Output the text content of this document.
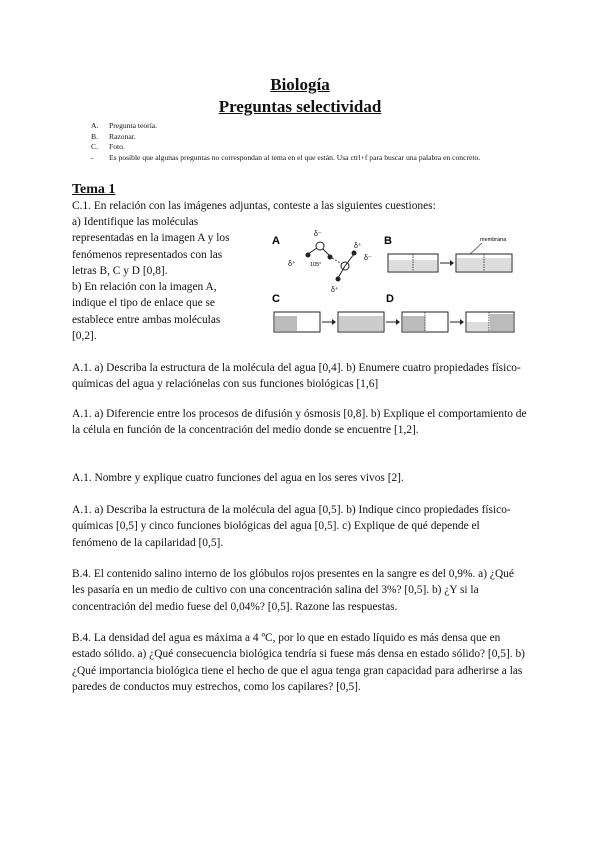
Biología
Preguntas selectividad
A.	Pregunta teoría.
B.	Razonar.
C.	Foto.
-	Es posible que algunas preguntas no correspondan al tema en el que están. Usa ctrl+f para buscar una palabra en concreto.
Tema 1
C.1. En relación con las imágenes adjuntas, conteste a las siguientes cuestiones:
a) Identifique las moléculas representadas en la imagen A y los fenómenos representados con las letras B, C y D [0,8].
b) En relación con la imagen A, indique el tipo de enlace que se establece entre ambas moléculas [0,2].
A
δ⁻
δ⁺	105°
δ⁺
δ⁺
δ⁻
B	membrana
C	D
A.1. a) Describa la estructura de la molécula del agua [0,4]. b) Enumere cuatro propiedades físico-químicas del agua y relaciónelas con sus funciones biológicas [1,6]
A.1. a) Diferencie entre los procesos de difusión y ósmosis [0,8]. b) Explique el comportamiento de la célula en función de la concentración del medio donde se encuentre [1,2].
A.1. Nombre y explique cuatro funciones del agua en los seres vivos [2].
A.1. a) Describa la estructura de la molécula del agua [0,5]. b) Indique cinco propiedades físico-químicas [0,5] y cinco funciones biológicas del agua [0,5]. c) Explique de qué depende el fenómeno de la capilaridad [0,5].
B.4. El contenido salino interno de los glóbulos rojos presentes en la sangre es del 0,9%. a) ¿Qué les pasaría en un medio de cultivo con una concentración salina del 3%? [0,5]. b) ¿Y si la concentración del medio fuese del 0,04%? [0,5]. Razone las respuestas.
B.4. La densidad del agua es máxima a 4 ºC, por lo que en estado líquido es más densa que en estado sólido. a) ¿Qué consecuencia biológica tendría si fuese más densa en estado sólido? [0,5]. b) ¿Qué importancia biológica tiene el hecho de que el agua tenga gran capacidad para adherirse a las paredes de conductos muy estrechos, como los capilares? [0,5].
